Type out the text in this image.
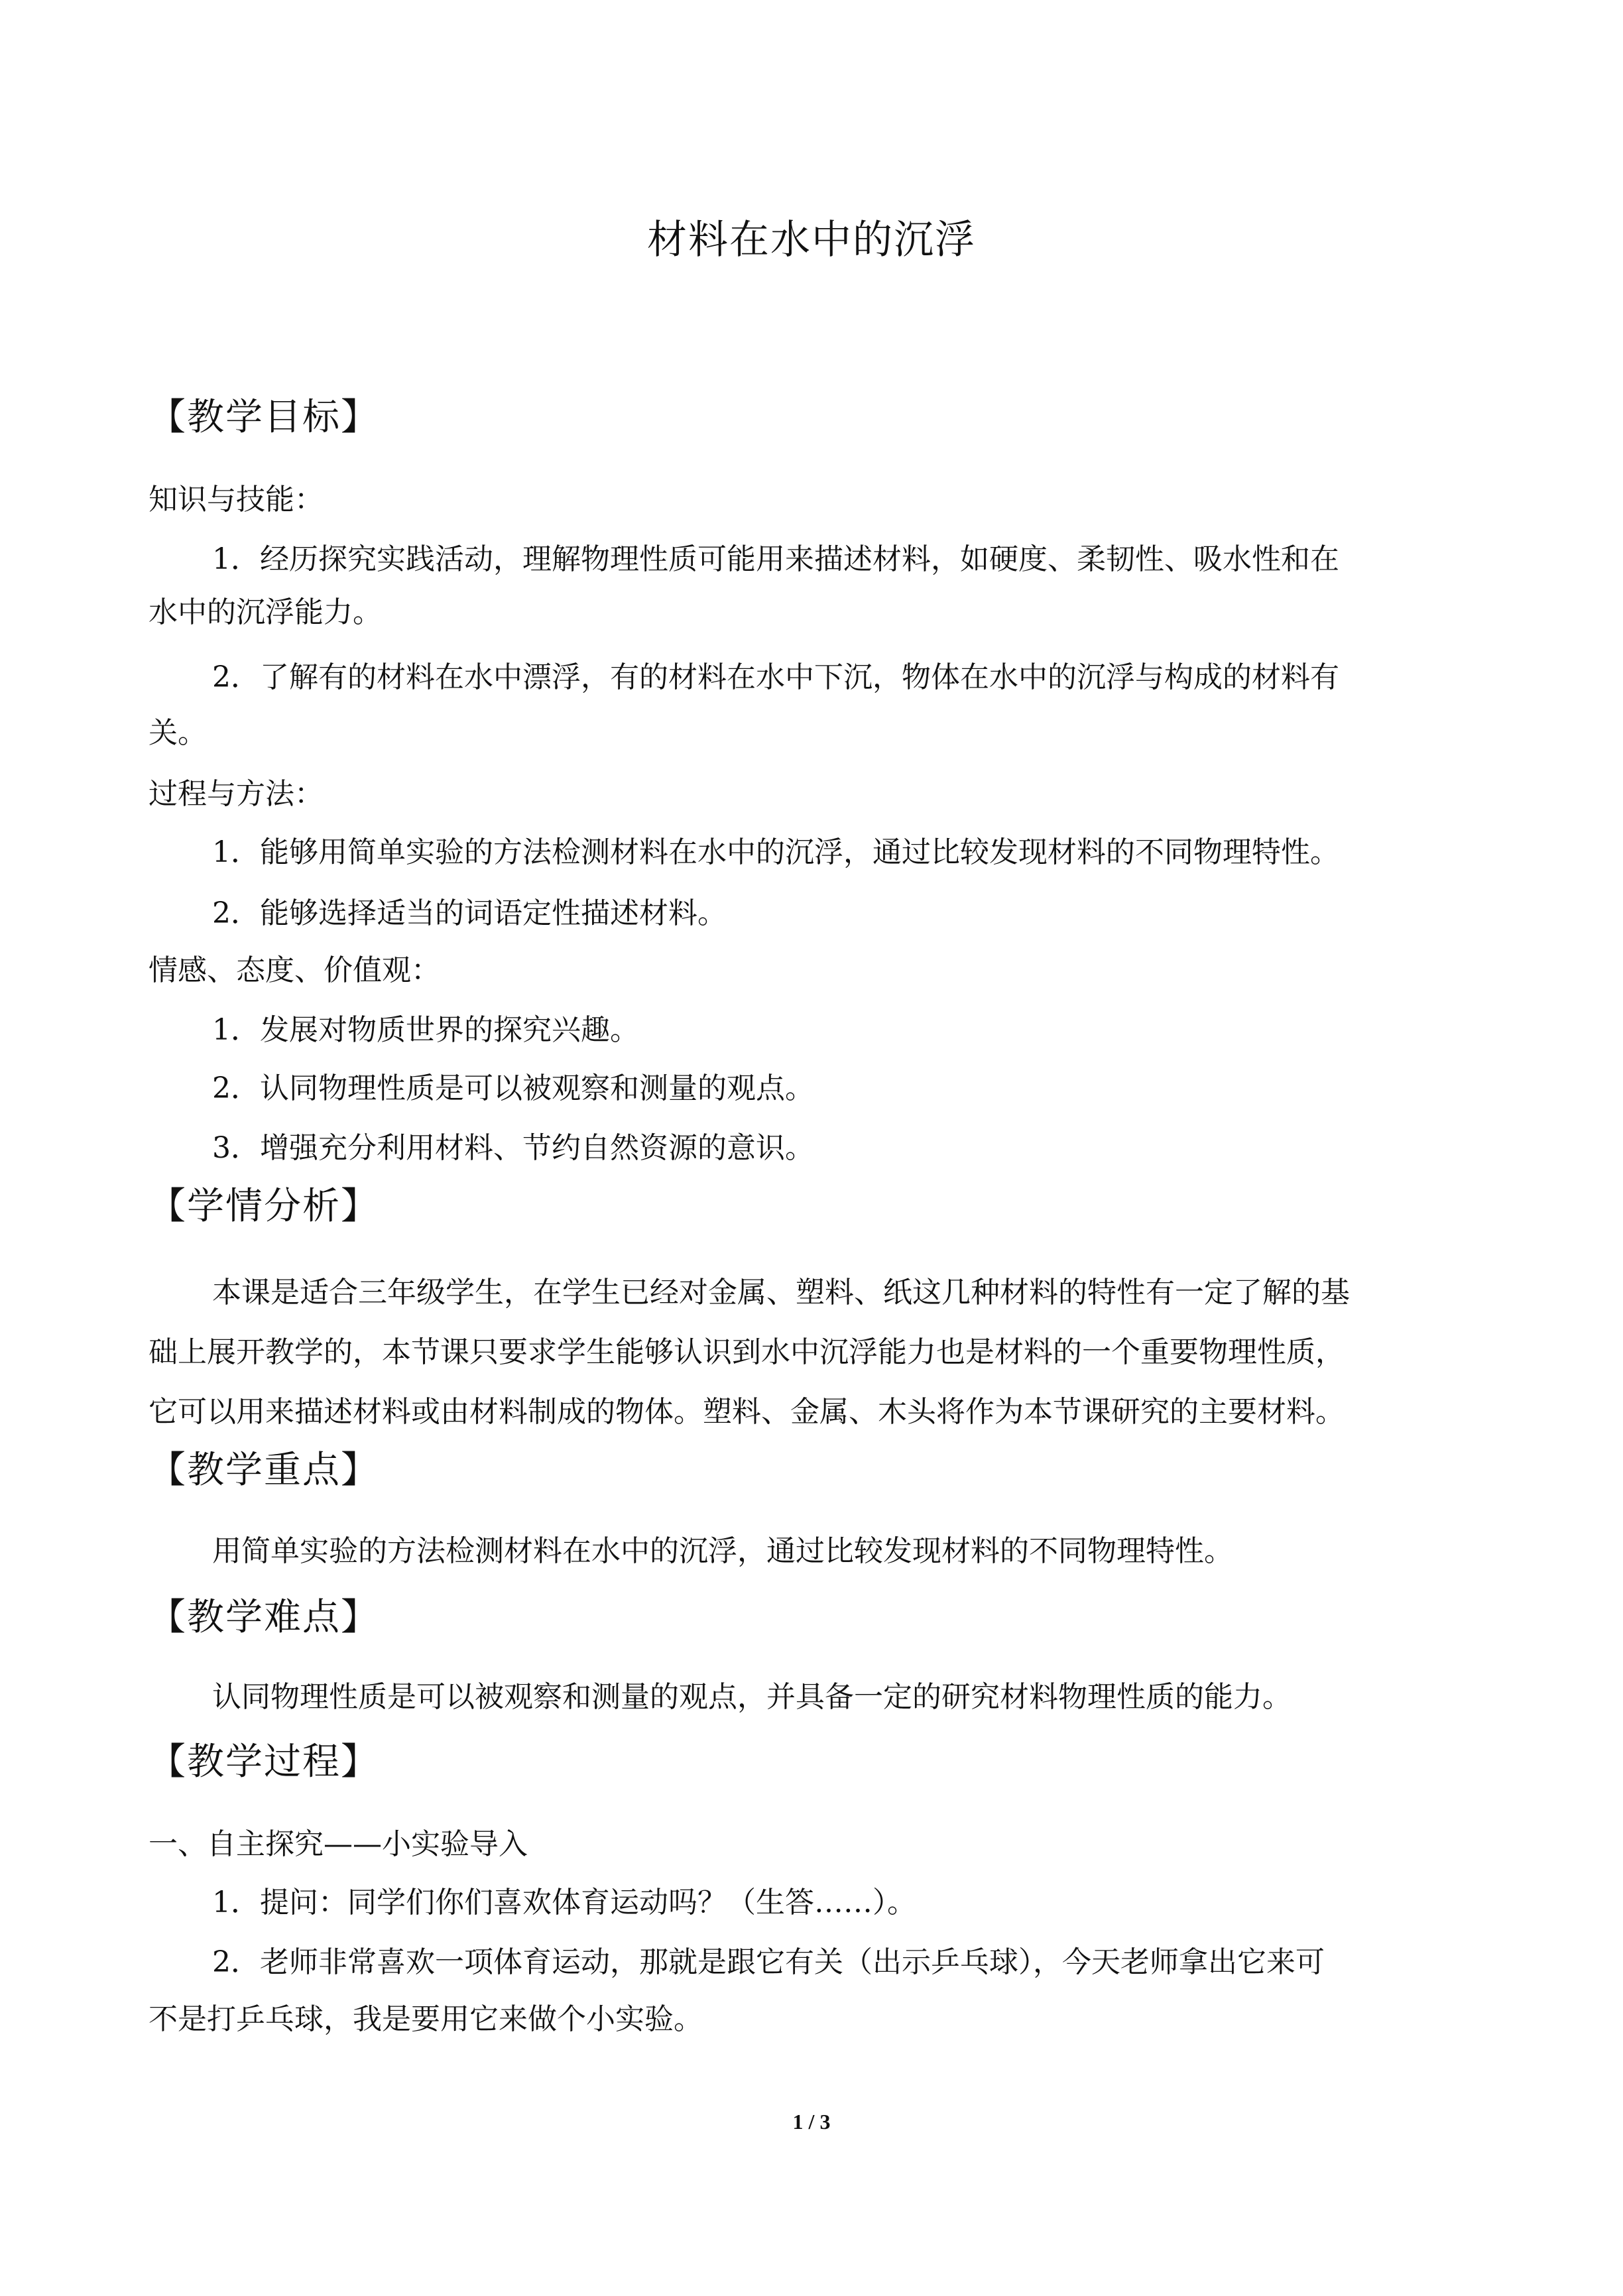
材料在水中的沉浮
【教学目标】
知识与技能：
1．经历探究实践活动，理解物理性质可能用来描述材料，如硬度、柔韧性、吸水性和在
水中的沉浮能力。
2．了解有的材料在水中漂浮，有的材料在水中下沉，物体在水中的沉浮与构成的材料有
关。
过程与方法：
1．能够用简单实验的方法检测材料在水中的沉浮，通过比较发现材料的不同物理特性。
2．能够选择适当的词语定性描述材料。
情感、态度、价值观：
1．发展对物质世界的探究兴趣。
2．认同物理性质是可以被观察和测量的观点。
3．增强充分利用材料、节约自然资源的意识。
【学情分析】
本课是适合三年级学生，在学生已经对金属、塑料、纸这几种材料的特性有一定了解的基
础上展开教学的，本节课只要求学生能够认识到水中沉浮能力也是材料的一个重要物理性质，
它可以用来描述材料或由材料制成的物体。塑料、金属、木头将作为本节课研究的主要材料。
【教学重点】
用简单实验的方法检测材料在水中的沉浮，通过比较发现材料的不同物理特性。
【教学难点】
认同物理性质是可以被观察和测量的观点，并具备一定的研究材料物理性质的能力。
【教学过程】
一、自主探究——小实验导入
1．提问：同学们你们喜欢体育运动吗？（生答……）。
2．老师非常喜欢一项体育运动，那就是跟它有关（出示乒乓球），今天老师拿出它来可
不是打乒乓球，我是要用它来做个小实验。
1 / 3
